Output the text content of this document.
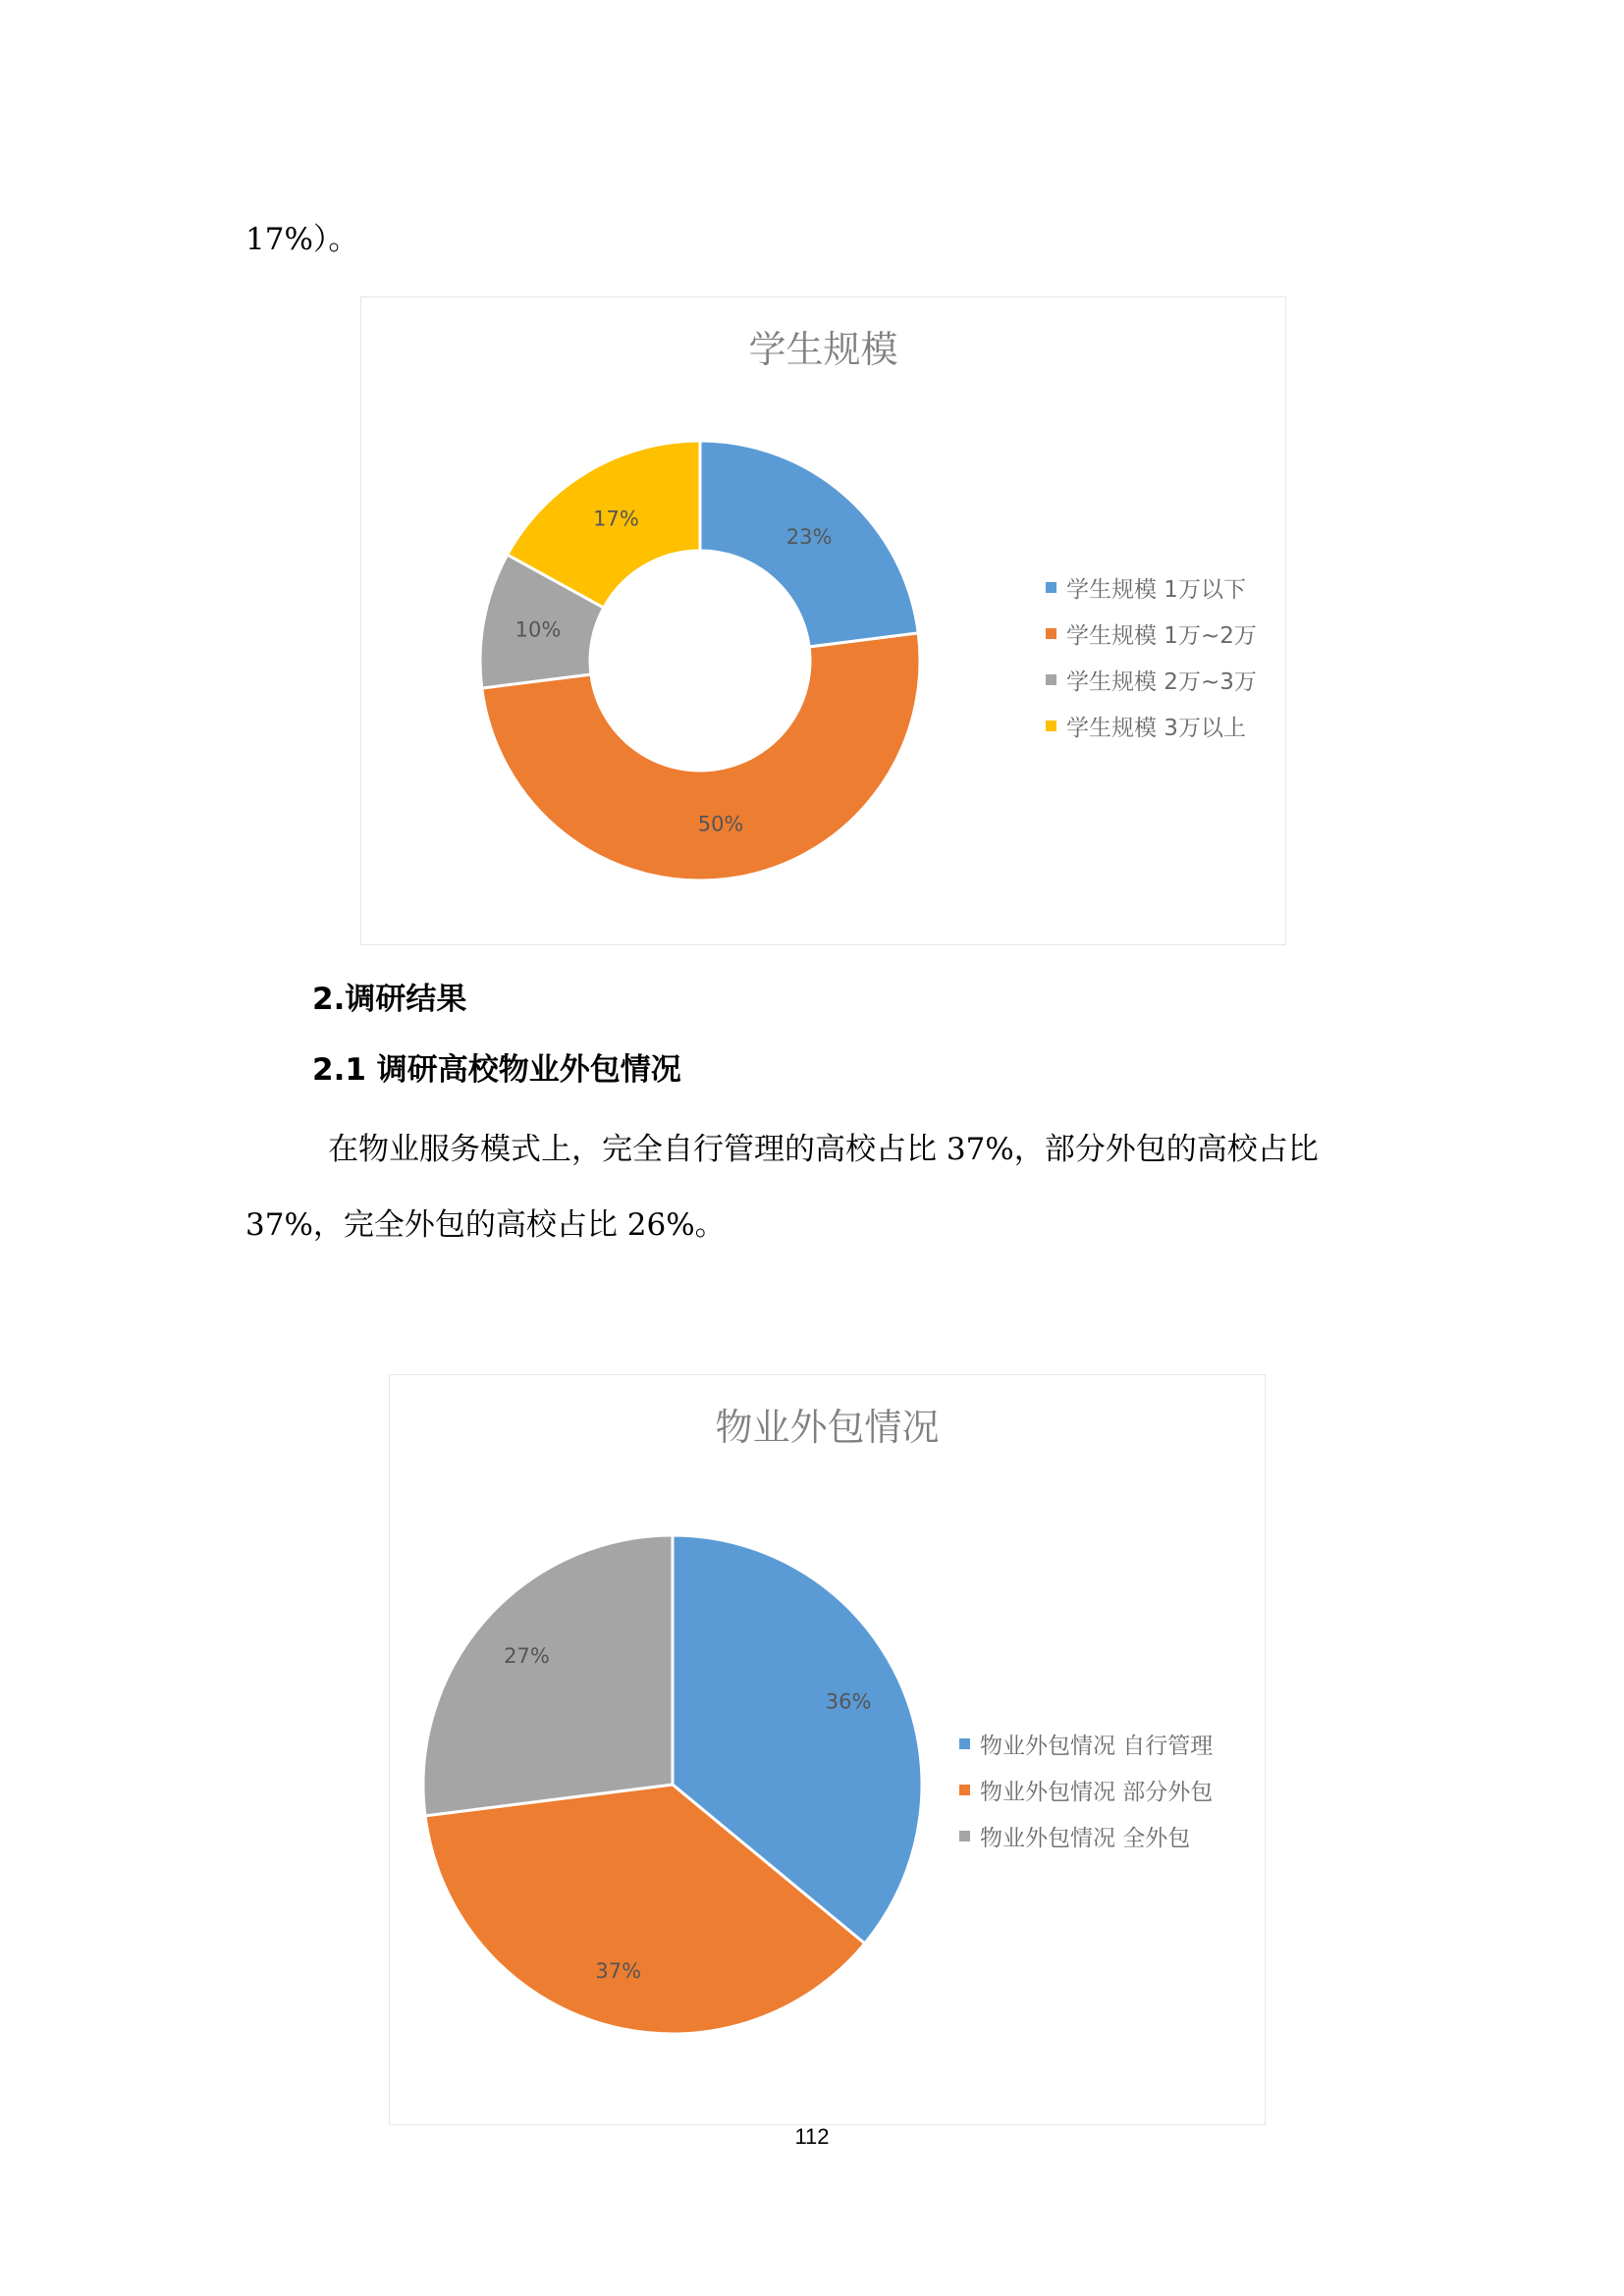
17%）。
学生规模
23%
50%
10%
17%
学生规模 1万以下
学生规模 1万~2万
学生规模 2万~3万
学生规模 3万以上
2.调研结果
2.1 调研高校物业外包情况
在物业服务模式上，完全自行管理的高校占比 37%，部分外包的高校占比
37%，完全外包的高校占比 26%。
物业外包情况
36%
37%
27%
物业外包情况 自行管理
物业外包情况 部分外包
物业外包情况 全外包
112
